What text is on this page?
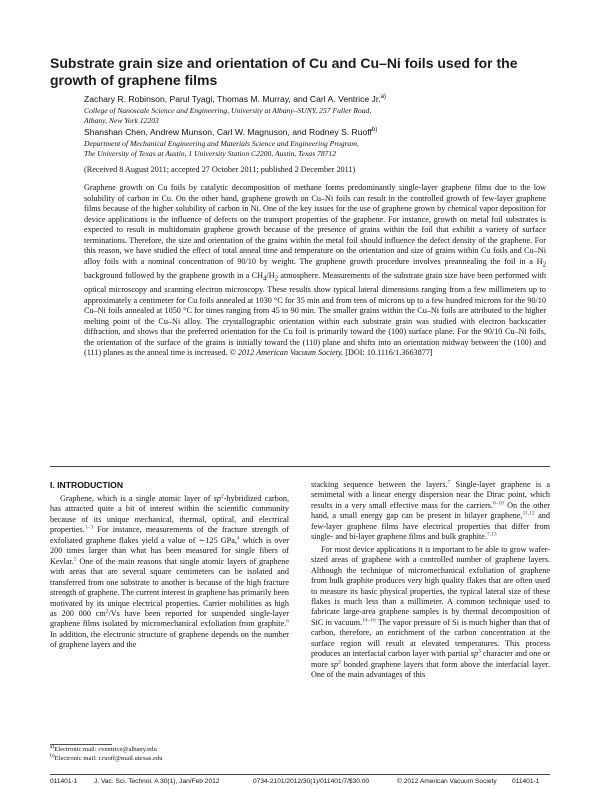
Substrate grain size and orientation of Cu and Cu–Ni foils used for the growth of graphene films
Zachary R. Robinson, Parul Tyagi, Thomas M. Murray, and Carl A. Ventrice Jr.$^{a)}$
College of Nanoscale Science and Engineering, University at Albany–SUNY, 257 Fuller Road,
Albany, New York 12203
Shanshan Chen, Andrew Munson, Carl W. Magnuson, and Rodney S. Ruoff$^{b)}$
Department of Mechanical Engineering and Materials Science and Engineering Program,
The University of Texas at Austin, 1 University Station C2200, Austin, Texas 78712
(Received 8 August 2011; accepted 27 October 2011; published 2 December 2011)

Graphene growth on Cu foils by catalytic decomposition of methane forms predominantly single-layer graphene films due to the low solubility of carbon in Cu. On the other hand, graphene growth on Cu–Ni foils can result in the controlled growth of few-layer graphene films because of the higher solubility of carbon in Ni. One of the key issues for the use of graphene grown by chemical vapor deposition for device applications is the influence of defects on the transport properties of the graphene. For instance, growth on metal foil substrates is expected to result in multidomain graphene growth because of the presence of grains within the foil that exhibit a variety of surface terminations. Therefore, the size and orientation of the grains within the metal foil should influence the defect density of the graphene. For this reason, we have studied the effect of total anneal time and temperature on the orientation and size of grains within Cu foils and Cu–Ni alloy foils with a nominal concentration of 90/10 by weight. The graphene growth procedure involves preannealing the foil in a $H_2$ background followed by the graphene growth in a $CH_4/H_2$ atmosphere. Measurements of the substrate grain size have been performed with optical microscopy and scanning electron microscopy. These results show typical lateral dimensions ranging from a few millimeters up to approximately a centimeter for Cu foils annealed at 1030 °C for 35 min and from tens of microns up to a few hundred microns for the 90/10 Cu–Ni foils annealed at 1050 °C for times ranging from 45 to 90 min. The smaller grains within the Cu–Ni foils are attributed to the higher melting point of the Cu–Ni alloy. The crystallographic orientation within each substrate grain was studied with electron backscatter diffraction, and shows that the preferred orientation for the Cu foil is primarily toward the (100) surface plane. For the 90/10 Cu–Ni foils, the orientation of the surface of the grains is initially toward the (110) plane and shifts into an orientation midway between the (100) and (111) planes as the anneal time is increased. © 2012 American Vacuum Society. [DOI: 10.1116/1.3663877]

I. INTRODUCTION

Graphene, which is a single atomic layer of $sp^2$-hybridized carbon, has attracted quite a bit of interest within the scientific community because of its unique mechanical, thermal, optical, and electrical properties.$^{1-3}$ For instance, measurements of the fracture strength of exfoliated graphene flakes yield a value of ∼125 GPa,$^4$ which is over 200 times larger than what has been measured for single fibers of Kevlar.$^5$ One of the main reasons that single atomic layers of graphene with areas that are several square centimeters can be isolated and transferred from one substrate to another is because of the high fracture strength of graphene. The current interest in graphene has primarily been motivated by its unique electrical properties. Carrier mobilities as high as 200 000 $cm^2/Vs$ have been reported for suspended single-layer graphene films isolated by micromechanical exfoliation from graphite.$^6$ In addition, the electronic structure of graphene depends on the number of graphene layers and the

stacking sequence between the layers.$^7$ Single-layer graphene is a semimetal with a linear energy dispersion near the Dirac point, which results in a very small effective mass for the carriers.$^{8-10}$ On the other hand, a small energy gap can be present in bilayer graphene,$^{11,12}$ and few-layer graphene films have electrical properties that differ from single- and bi-layer graphene films and bulk graphite.$^{7,13}$

For most device applications it is important to be able to grow wafer-sized areas of graphene with a controlled number of graphene layers. Although the technique of micromechanical exfoliation of graphene from bulk graphite produces very high quality flakes that are often used to measure its basic physical properties, the typical lateral size of these flakes is much less than a millimeter. A common technique used to fabricate large-area graphene samples is by thermal decomposition of SiC in vacuum.$^{14-16}$ The vapor pressure of Si is much higher than that of carbon, therefore, an enrichment of the carbon concentration at the surface region will result at elevated temperatures. This process produces an interfacial carbon layer with partial $sp^3$ character and one or more $sp^2$ bonded graphene layers that form above the interfacial layer. One of the main advantages of this

$^{a)}$Electronic mail: cventrice@albany.edu
$^{b)}$Electronic mail: r.ruoff@mail.utexas.edu
011401-1	J. Vac. Sci. Technol. A 30(1), Jan/Feb 2012	0734-2101/2012/30(1)/011401/7/$30.00	© 2012 American Vacuum Society 011401-1
